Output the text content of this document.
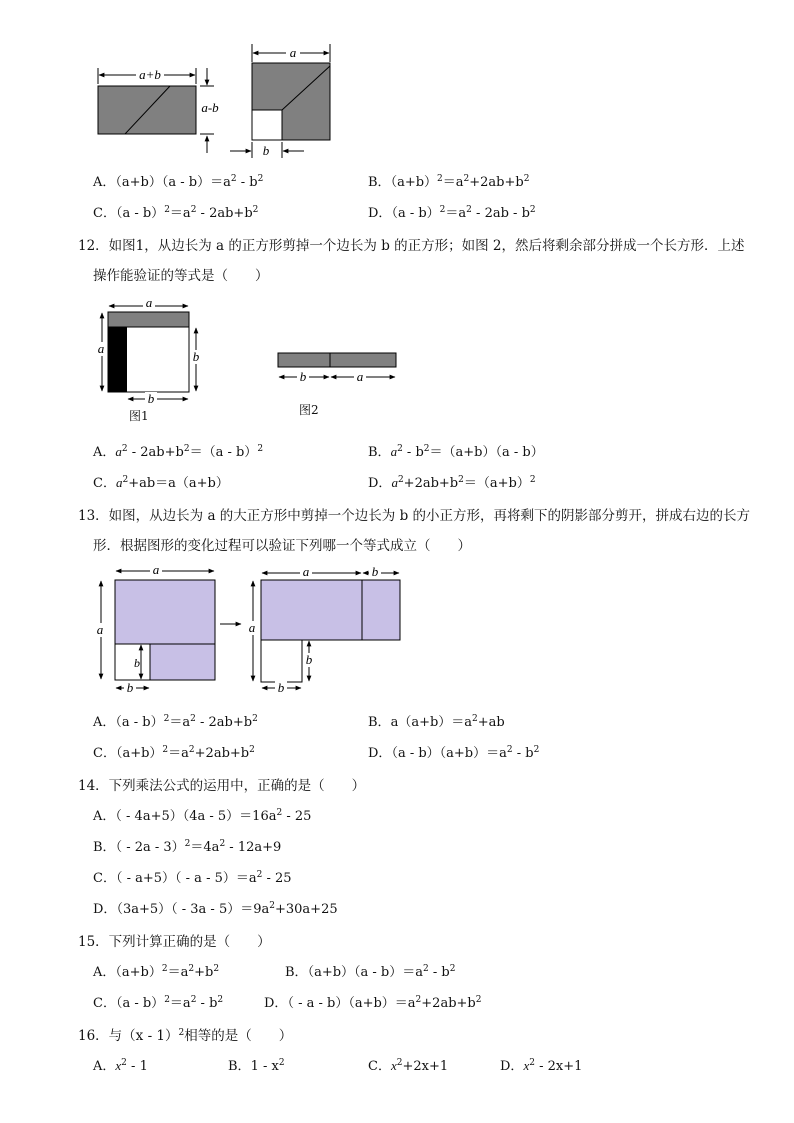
a+b
a-b
a
b
A．$(a+b)(a - b)=a^2 - b^2$	B．$(a+b)^2=a^2+2ab+b^2$
C．$(a - b)^2=a^2 - 2ab+b^2$	D．$(a - b)^2=a^2 - 2ab - b^2$
12．如图1，从边长为 a 的正方形剪掉一个边长为 b 的正方形；如图 2，然后将剩余部分拼成一个长方形．上述
操作能验证的等式是（　　）
a
a
b
b
b	a
图1	图2
A．$a^2 - 2ab+b^2=(a - b)^2$	B．$a^2 - b^2=(a+b)(a - b)$
C．$a^2+ab=a(a+b)$	D．$a^2+2ab+b^2=(a+b)^2$
13．如图，从边长为 a 的大正方形中剪掉一个边长为 b 的小正方形，再将剩下的阴影部分剪开，拼成右边的长方
形．根据图形的变化过程可以验证下列哪一个等式成立（　　）
a
a
b
b
a	b
a
b
b
A．$(a - b)^2=a^2 - 2ab+b^2$	B．$a(a+b)=a^2+ab$
C．$(a+b)^2=a^2+2ab+b^2$	D．$(a - b)(a+b)=a^2 - b^2$
14．下列乘法公式的运用中，正确的是（　　）
A．（ - $4a+5)(4a - 5)=16a^2 - 25$
B．（ - $2a - 3)^2=4a^2 - 12a+9$
C．（ - $a+5)( - a - 5)=a^2 - 25$
D．$(3a+5)( - 3a - 5)=9a^2+30a+25$
15．下列计算正确的是（　　）
A．$(a+b)^2=a^2+b^2$	B．$(a+b)(a - b)=a^2 - b^2$
C．$(a - b)^2=a^2 - b^2$	D．（ - $a - b)(a+b)=a^2+2ab+b^2$
16．与（x - 1）$^2$相等的是（　　）
A．$x^2 - 1$	B．$1 - x^2$	C．$x^2+2x+1$	D．$x^2 - 2x+1$
